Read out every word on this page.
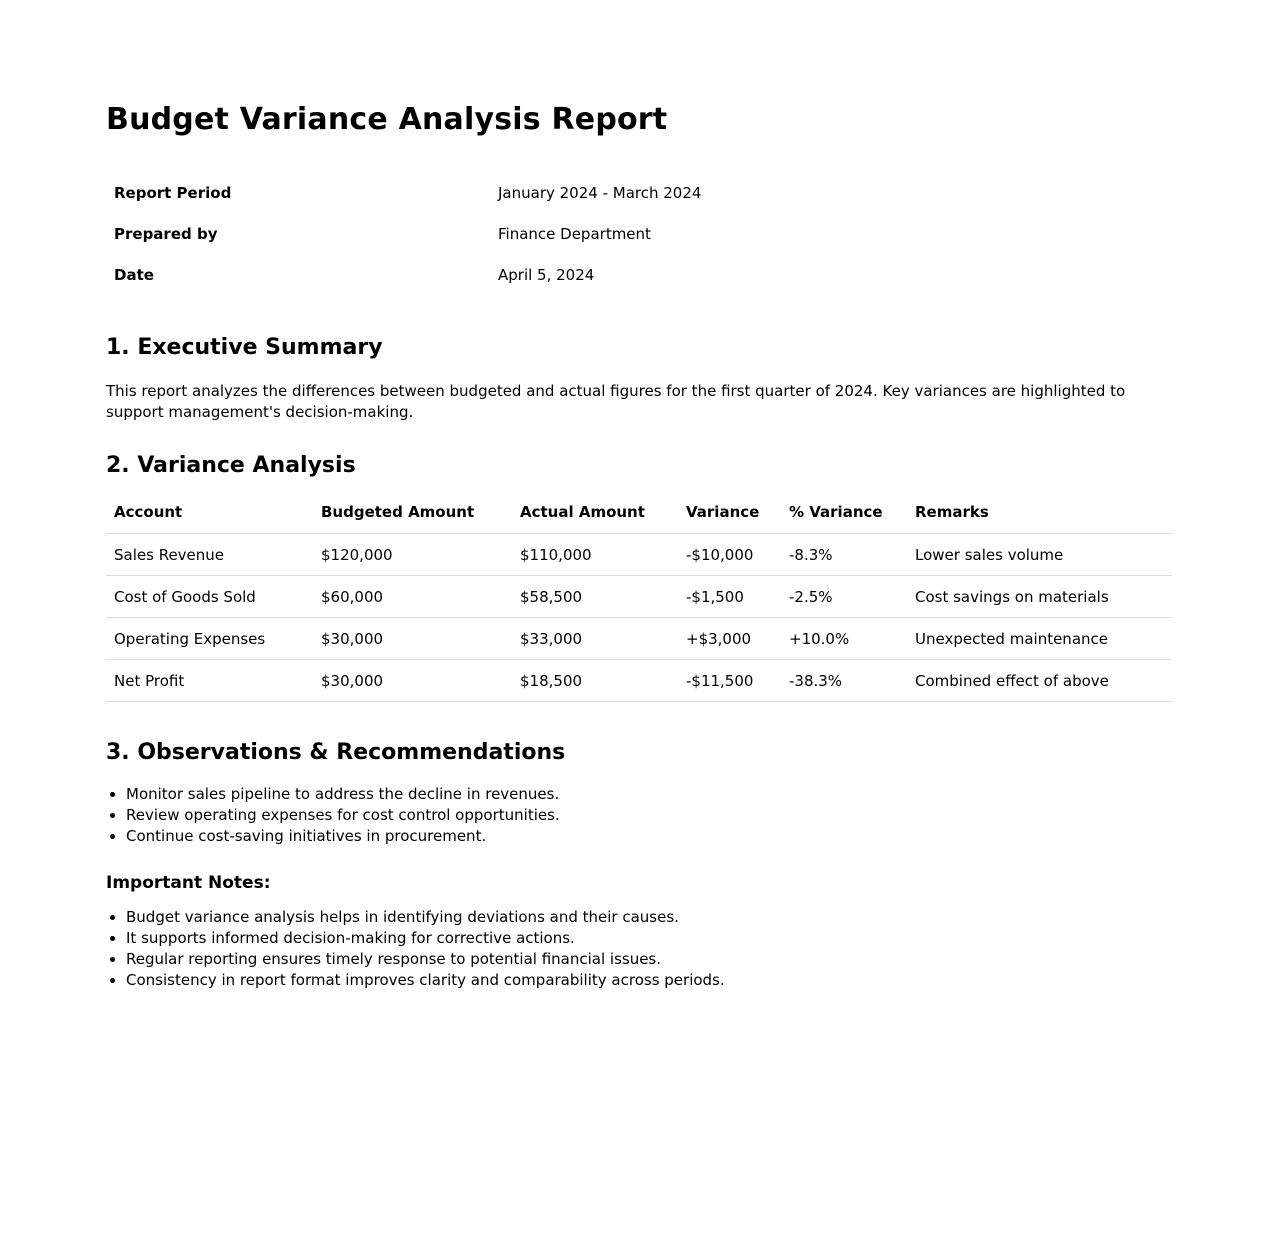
Budget Variance Analysis Report
Report Period	January 2024 - March 2024
Prepared by	Finance Department
Date	April 5, 2024
1. Executive Summary

This report analyzes the differences between budgeted and actual figures for the first quarter of 2024. Key variances are highlighted to support management's decision-making.

2. Variance Analysis
Account	Budgeted Amount	Actual Amount	Variance	% Variance	Remarks
Sales Revenue	$120,000	$110,000	-$10,000	-8.3%	Lower sales volume
Cost of Goods Sold	$60,000	$58,500	-$1,500	-2.5%	Cost savings on materials
Operating Expenses	$30,000	$33,000	+$3,000	+10.0%	Unexpected maintenance
Net Profit	$30,000	$18,500	-$11,500	-38.3%	Combined effect of above
3. Observations & Recommendations
• Monitor sales pipeline to address the decline in revenues.
• Review operating expenses for cost control opportunities.
• Continue cost-saving initiatives in procurement.
Important Notes:
• Budget variance analysis helps in identifying deviations and their causes.
• It supports informed decision-making for corrective actions.
• Regular reporting ensures timely response to potential financial issues.
• Consistency in report format improves clarity and comparability across periods.
